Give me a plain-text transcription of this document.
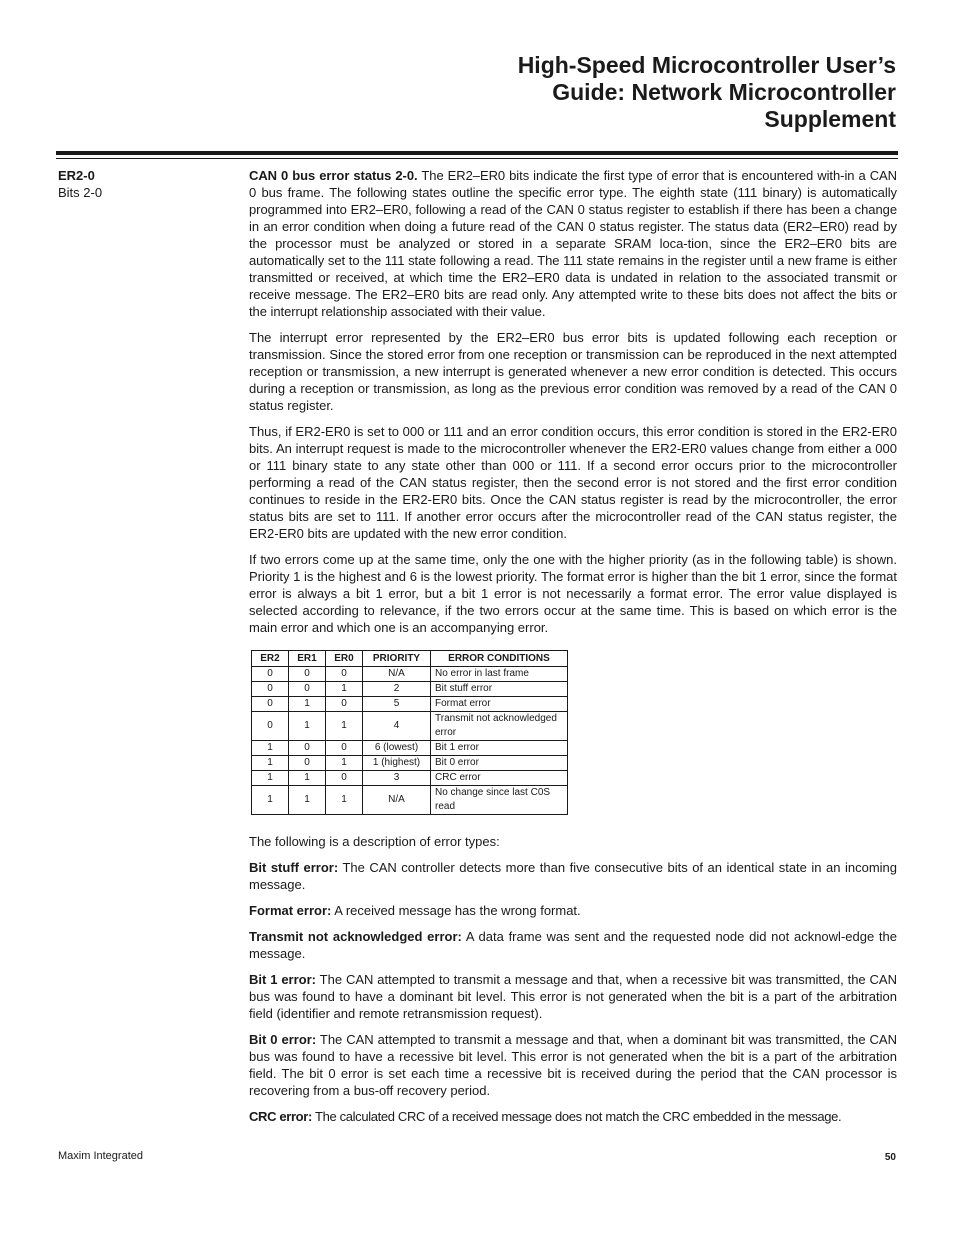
High-Speed Microcontroller User’s
Guide: Network Microcontroller
Supplement
ER2-0
Bits 2-0

CAN 0 bus error status 2-0. The ER2–ER0 bits indicate the first type of error that is encountered with-in a CAN 0 bus frame. The following states outline the specific error type. The eighth state (111 binary) is automatically programmed into ER2–ER0, following a read of the CAN 0 status register to establish if there has been a change in an error condition when doing a future read of the CAN 0 status register. The status data (ER2–ER0) read by the processor must be analyzed or stored in a separate SRAM loca-tion, since the ER2–ER0 bits are automatically set to the 111 state following a read. The 111 state remains in the register until a new frame is either transmitted or received, at which time the ER2–ER0 data is undated in relation to the associated transmit or receive message. The ER2–ER0 bits are read only. Any attempted write to these bits does not affect the bits or the interrupt relationship associated with their value.

The interrupt error represented by the ER2–ER0 bus error bits is updated following each reception or transmission. Since the stored error from one reception or transmission can be reproduced in the next attempted reception or transmission, a new interrupt is generated whenever a new error condition is detected. This occurs during a reception or transmission, as long as the previous error condition was removed by a read of the CAN 0 status register.

Thus, if ER2-ER0 is set to 000 or 111 and an error condition occurs, this error condition is stored in the ER2-ER0 bits. An interrupt request is made to the microcontroller whenever the ER2-ER0 values change from either a 000 or 111 binary state to any state other than 000 or 111. If a second error occurs prior to the microcontroller performing a read of the CAN status register, then the second error is not stored and the first error condition continues to reside in the ER2-ER0 bits. Once the CAN status register is read by the microcontroller, the error status bits are set to 111. If another error occurs after the microcontroller read of the CAN status register, the ER2-ER0 bits are updated with the new error condition.

If two errors come up at the same time, only the one with the higher priority (as in the following table) is shown. Priority 1 is the highest and 6 is the lowest priority. The format error is higher than the bit 1 error, since the format error is always a bit 1 error, but a bit 1 error is not necessarily a format error. The error value displayed is selected according to relevance, if the two errors occur at the same time. This is based on which error is the main error and which one is an accompanying error.

ER2	ER1	ER0	PRIORITY	ERROR CONDITIONS
0	0	0	N/A	No error in last frame
0	0	1	2	Bit stuff error
0	1	0	5	Format error
0	1	1	4	Transmit not acknowledged error
1	0	0	6 (lowest)	Bit 1 error
1	0	1	1 (highest)	Bit 0 error
1	1	0	3	CRC error
1	1	1	N/A	No change since last C0S read

The following is a description of error types:

Bit stuff error: The CAN controller detects more than five consecutive bits of an identical state in an incoming message.

Format error: A received message has the wrong format.

Transmit not acknowledged error: A data frame was sent and the requested node did not acknowl-edge the message.

Bit 1 error: The CAN attempted to transmit a message and that, when a recessive bit was transmitted, the CAN bus was found to have a dominant bit level. This error is not generated when the bit is a part of the arbitration field (identifier and remote retransmission request).

Bit 0 error: The CAN attempted to transmit a message and that, when a dominant bit was transmitted, the CAN bus was found to have a recessive bit level. This error is not generated when the bit is a part of the arbitration field. The bit 0 error is set each time a recessive bit is received during the period that the CAN processor is recovering from a bus-off recovery period.

CRC error: The calculated CRC of a received message does not match the CRC embedded in the message.

Maxim Integrated	50
